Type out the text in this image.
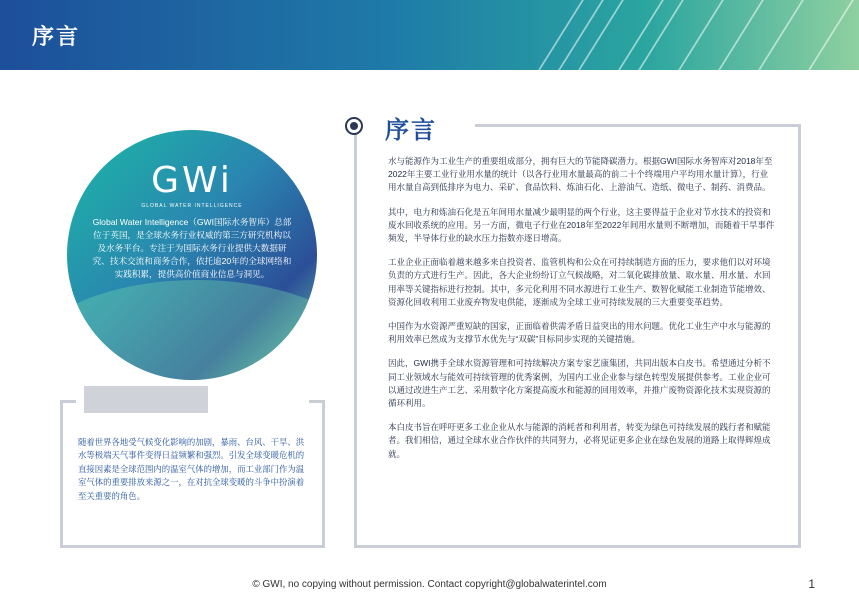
序言
GWi
GLOBAL WATER INTELLIGENCE
Global Water Intelligence（GWI国际水务智库）总部位于英国，是全球水务行业权威的第三方研究机构以及水务平台。专注于为国际水务行业提供大数据研究、技术交流和商务合作，依托逾20年的全球网络和实践积累，提供高价值商业信息与洞见。
随着世界各地受气候变化影响的加剧，暴雨、台风、干旱、洪水等极端天气事件变得日益频繁和强烈。引发全球变暖危机的直接因素是全球范围内的温室气体的增加，而工业部门作为温室气体的重要排放来源之一，在对抗全球变暖的斗争中扮演着至关重要的角色。
序言

水与能源作为工业生产的重要组成部分，拥有巨大的节能降碳潜力。根据GWI国际水务智库对2018年至2022年主要工业行业用水量的统计（以各行业用水量最高的前二十个终端用户平均用水量计算），行业用水量自高到低排序为电力、采矿、食品饮料、炼油石化、上游油气、造纸、微电子、制药、消费品。

其中，电力和炼油石化是五年间用水量减少最明显的两个行业，这主要得益于企业对节水技术的投资和废水回收系统的应用。另一方面，微电子行业在2018年至2022年间用水量则不断增加，而随着干旱事件频发，半导体行业的缺水压力指数亦逐日增高。

工业企业正面临着越来越多来自投资者、监管机构和公众在可持续制造方面的压力，要求他们以对环境负责的方式进行生产。因此，各大企业纷纷订立气候战略，对二氧化碳排放量、取水量、用水量、水回用率等关键指标进行控制。其中，多元化利用不同水源进行工业生产、数智化赋能工业制造节能增效、资源化回收利用工业废弃物发电供能，逐渐成为全球工业可持续发展的三大重要变革趋势。

中国作为水资源严重短缺的国家，正面临着供需矛盾日益突出的用水问题。优化工业生产中水与能源的利用效率已然成为支撑节水优先与“双碳”目标同步实现的关键措施。

因此，GWI携手全球水资源管理和可持续解决方案专家艺康集团，共同出版本白皮书。希望通过分析不同工业领域水与能效可持续管理的优秀案例，为国内工业企业参与绿色转型发展提供参考。工业企业可以通过改进生产工艺、采用数字化方案提高废水和能源的回用效率，并推广废物资源化技术实现资源的循环利用。

本白皮书旨在呼吁更多工业企业从水与能源的消耗者和利用者，转变为绿色可持续发展的践行者和赋能者。我们相信，通过全球水业合作伙伴的共同努力，必将见证更多企业在绿色发展的道路上取得辉煌成就。

© GWI, no copying without permission. Contact copyright@globalwaterintel.com	1
